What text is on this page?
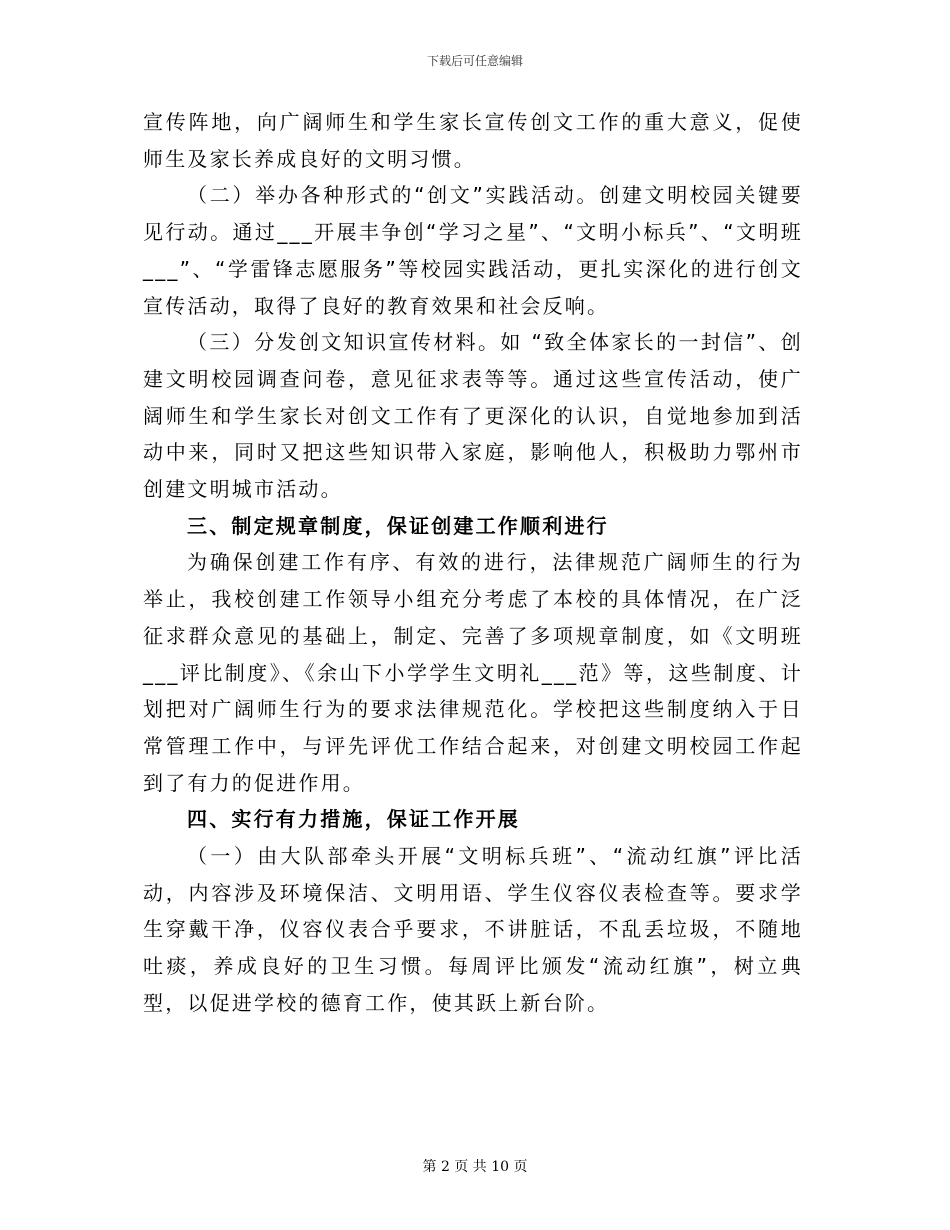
下载后可任意编辑

宣传阵地，向广阔师生和学生家长宣传创文工作的重大意义，促使师生及家长养成良好的文明习惯。

（二）举办各种形式的“创文”实践活动。创建文明校园关键要见行动。通过___开展丰争创“学习之星”、“文明小标兵”、“文明班___”、“学雷锋志愿服务”等校园实践活动，更扎实深化的进行创文宣传活动，取得了良好的教育效果和社会反响。

（三）分发创文知识宣传材料。如 “致全体家长的一封信”、创建文明校园调查问卷，意见征求表等等。通过这些宣传活动，使广阔师生和学生家长对创文工作有了更深化的认识，自觉地参加到活动中来，同时又把这些知识带入家庭，影响他人，积极助力鄂州市创建文明城市活动。

三、制定规章制度，保证创建工作顺利进行

为确保创建工作有序、有效的进行，法律规范广阔师生的行为举止，我校创建工作领导小组充分考虑了本校的具体情况，在广泛征求群众意见的基础上，制定、完善了多项规章制度，如《文明班___评比制度》、《余山下小学学生文明礼___范》等，这些制度、计划把对广阔师生行为的要求法律规范化。学校把这些制度纳入于日常管理工作中，与评先评优工作结合起来，对创建文明校园工作起到了有力的促进作用。

四、实行有力措施，保证工作开展

（一）由大队部牵头开展“文明标兵班”、“流动红旗”评比活动，内容涉及环境保洁、文明用语、学生仪容仪表检查等。要求学生穿戴干净，仪容仪表合乎要求，不讲脏话，不乱丢垃圾，不随地吐痰，养成良好的卫生习惯。每周评比颁发“流动红旗”，树立典型，以促进学校的德育工作，使其跃上新台阶。

第 2 页 共 10 页
